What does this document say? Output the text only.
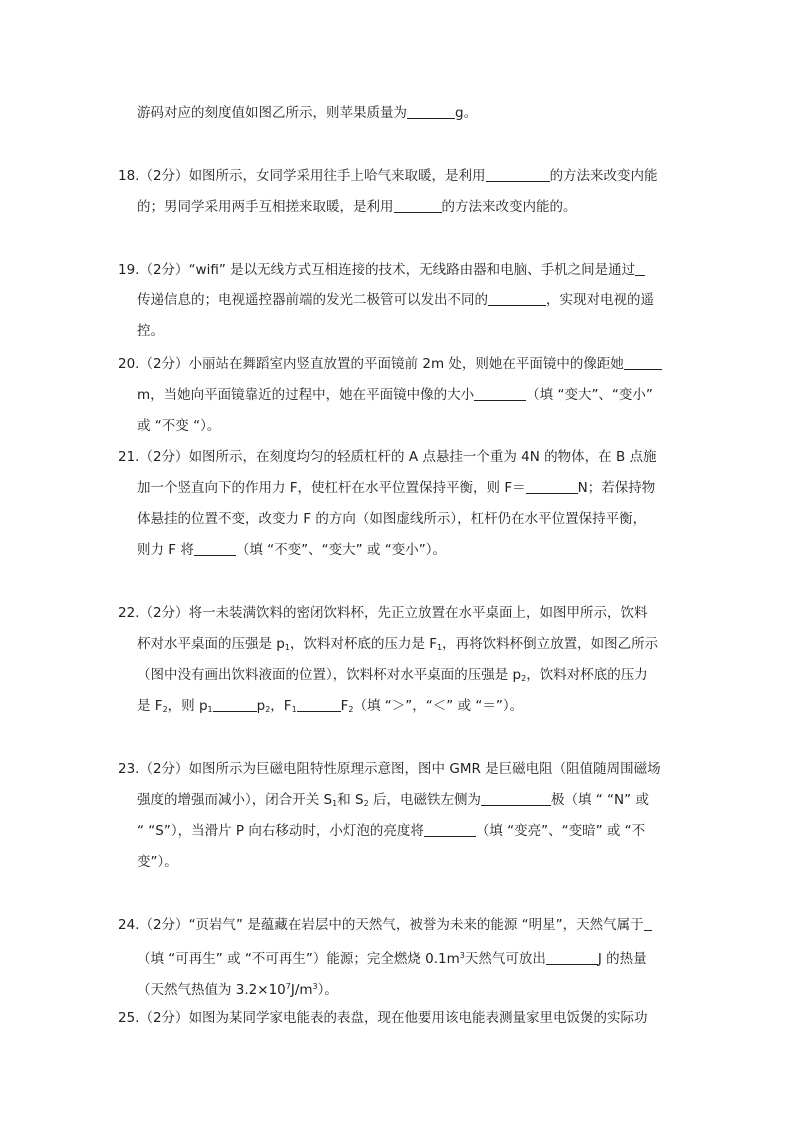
游码对应的刻度值如图乙所示，则苹果质量为	g。
18.（2分）如图所示，女同学采用往手上哈气来取暖，是利用	的方法来改变内能
的；男同学采用两手互相搓来取暖，是利用	的方法来改变内能的。
19.（2分）“wifi” 是以无线方式互相连接的技术，无线路由器和电脑、手机之间是通过
传递信息的；电视遥控器前端的发光二极管可以发出不同的	，实现对电视的遥
控。
20.（2分）小丽站在舞蹈室内竖直放置的平面镜前 2m 处，则她在平面镜中的像距她
m，当她向平面镜靠近的过程中，她在平面镜中像的大小	（填 “变大”、“变小”
或 “不变 “）。
21.（2分）如图所示，在刻度均匀的轻质杠杆的 A 点悬挂一个重为 4N 的物体，在 B 点施
加一个竖直向下的作用力 F，使杠杆在水平位置保持平衡，则 F＝	N；若保持物
体悬挂的位置不变，改变力 F 的方向（如图虚线所示），杠杆仍在水平位置保持平衡，
则力 F 将	（填 “不变”、“变大” 或 “变小”）。
22.（2分）将一未装满饮料的密闭饮料杯，先正立放置在水平桌面上，如图甲所示，饮料
杯对水平桌面的压强是 $p_1$，饮料对杯底的压力是 $F_1$，再将饮料杯倒立放置，如图乙所示
（图中没有画出饮料液面的位置），饮料杯对水平桌面的压强是 $p_2$，饮料对杯底的压力
是 $F_2$，则 $p_1$	$p_2$，$F_1$	$F_2$（填 “＞”，“＜” 或 “＝”）。
23.（2分）如图所示为巨磁电阻特性原理示意图，图中 GMR 是巨磁电阻（阻值随周围磁场
强度的增强而减小），闭合开关 $S_1$和 $S_2$ 后，电磁铁左侧为	极（填 “ “N” 或
“ “S”），当滑片 P 向右移动时，小灯泡的亮度将	（填 “变亮”、“变暗” 或 “不
变”）。
24.（2分）“页岩气” 是蕴藏在岩层中的天然气，被誉为未来的能源 “明星”，天然气属于
（填 “可再生” 或 “不可再生”）能源；完全燃烧 $0.1m^3$天然气可放出	J 的热量
（天然气热值为 $3.2\times 10^7J/m^3$）。
25.（2分）如图为某同学家电能表的表盘，现在他要用该电能表测量家里电饭煲的实际功
